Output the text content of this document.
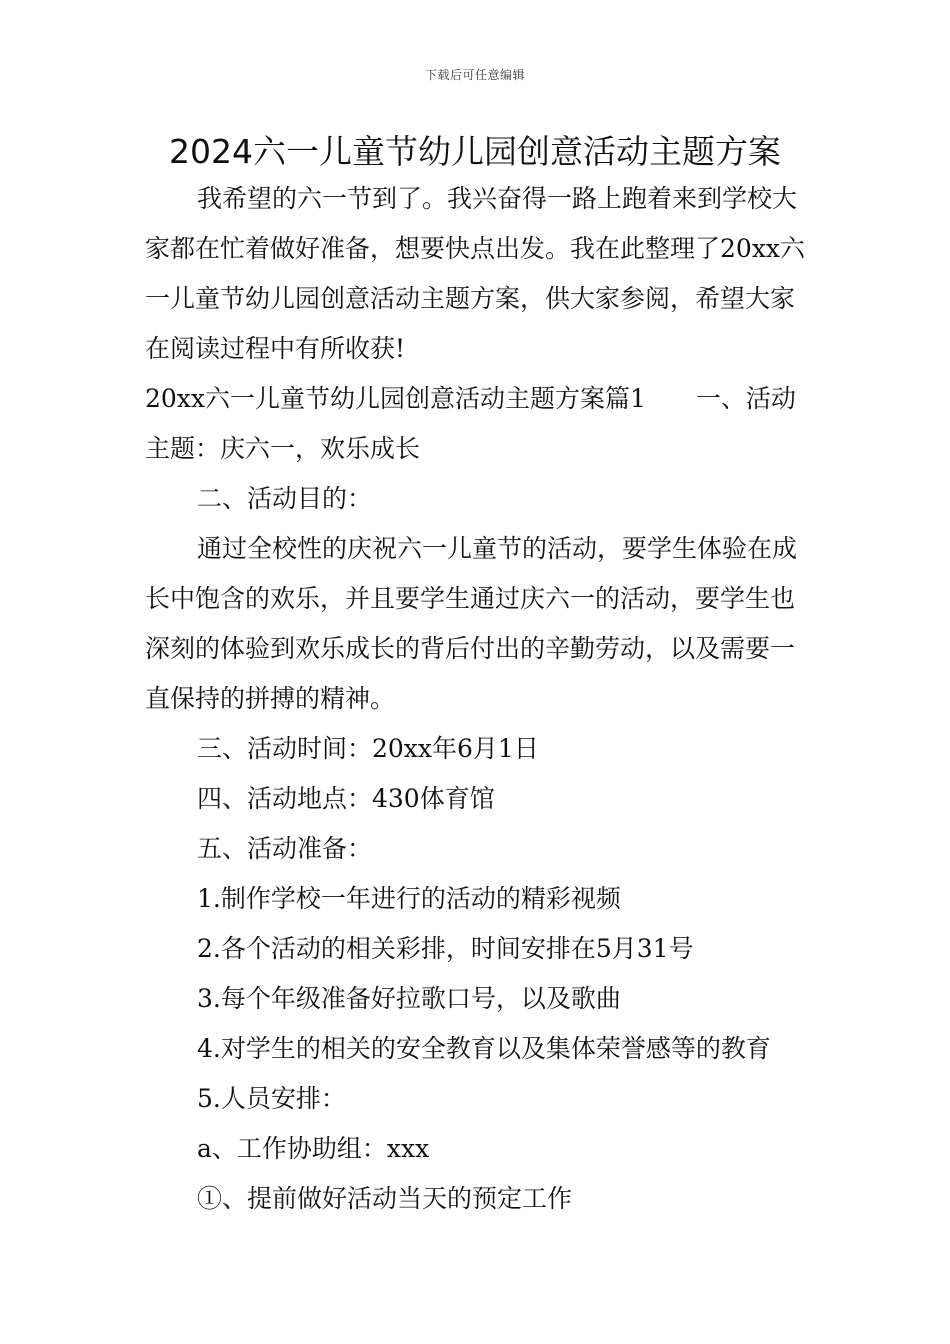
下载后可任意编辑
2024六一儿童节幼儿园创意活动主题方案

我希望的六一节到了。我兴奋得一路上跑着来到学校大家都在忙着做好准备，想要快点出发。我在此整理了20xx六一儿童节幼儿园创意活动主题方案，供大家参阅，希望大家在阅读过程中有所收获!

20xx六一儿童节幼儿园创意活动主题方案篇1 一、活动主题：庆六一，欢乐成长

二、活动目的：

通过全校性的庆祝六一儿童节的活动，要学生体验在成长中饱含的欢乐，并且要学生通过庆六一的活动，要学生也深刻的体验到欢乐成长的背后付出的辛勤劳动，以及需要一直保持的拼搏的精神。

三、活动时间：20xx年6月1日

四、活动地点：430体育馆

五、活动准备：

1.制作学校一年进行的活动的精彩视频

2.各个活动的相关彩排，时间安排在5月31号

3.每个年级准备好拉歌口号，以及歌曲

4.对学生的相关的安全教育以及集体荣誉感等的教育

5.人员安排：

a、工作协助组：xxx

①、提前做好活动当天的预定工作
